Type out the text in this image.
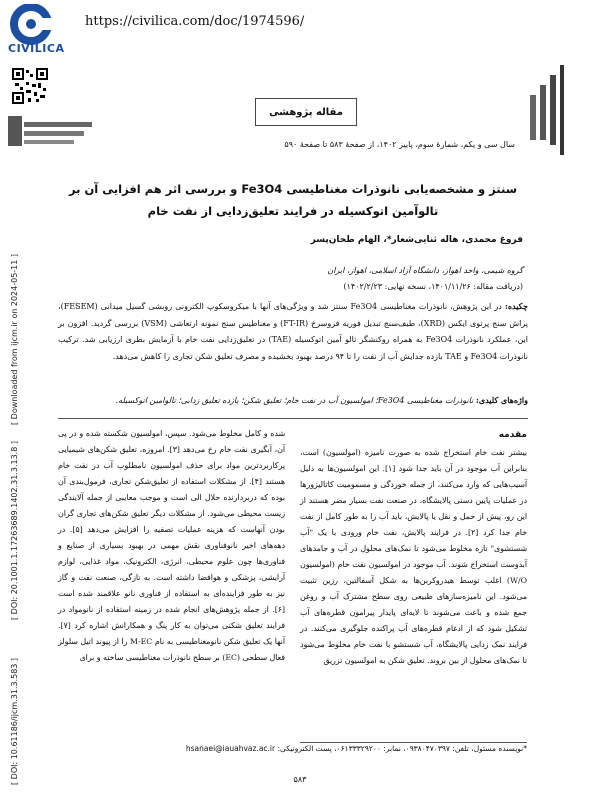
CIVILICA
https://civilica.com/doc/1974596/
مقاله پژوهشی
سال سی و یکم، شمارهٔ سوم، پاییز ۱۴۰۲، از صفحهٔ ۵۸۳ تا صفحهٔ ۵۹۰
سنتز و مشخصه‌یابی نانوذرات مغناطیسی Fe3O4 و بررسی اثر هم افزایی آن بر تالوآمین اتوکسیله در فرایند تعلیق‌زدایی از نفت خام
فروغ محمدی، هاله ثنایی‌شعار*، الهام طحان‌پسر
گروه شیمی، واحد اهواز، دانشگاه آزاد اسلامی، اهواز، ایران
(دریافت مقاله: ۱۴۰۱/۱۱/۲۶، نسخه نهایی: ۱۴۰۲/۲/۲۳)
چکیده: در این پژوهش، نانوذرات مغناطیسی Fe3O4 سنتز شد و ویژگی‌های آنها با میکروسکوپ الکترونی روبشی گسیل میدانی (FESEM)، پراش سنج پرتوی ایکس (XRD)، طیف‌سنج تبدیل فوریه فروسرخ (FT-IR) و مغناطیس سنج نمونه ارتعاشی (VSM) بررسی گردید. افزون بر این، عملکرد نانوذرات Fe3O4 به همراه روکنشگر تالو آمین اتوکسیله (TAE) در تعلیق‌زدایی نفت خام با آزمایش بطری ارزیابی شد. ترکیب نانوذرات Fe3O4 و TAE بازده جدایش آب از نفت را تا ۹۴ درصد بهبود بخشیده و مصرف تعلیق شکن تجاری را کاهش می‌دهد.
واژه‌های کلیدی: نانوذرات مغناطیسی Fe3O4؛ امولسیون آب در نفت خام؛ تعلیق شکن؛ بازده تعلیق زدایی؛ تالوامین اتوکسیله.
مقدمه
بیشتر نفت خام استخراج شده به صورت نامیزه (امولسیون) است، بنابراین آب موجود در آن باید جدا شود [۱]. این امولسیون‌ها به دلیل آسیب‌هایی که وارد می‌کنند، از جمله خوردگی و مسمومیت کاتالیزورها در عملیات پایین دستی پالایشگاه، در صنعت نفت بسیار مضر هستند از این رو، پیش از حمل و نقل یا پالایش، باید آب را به طور کامل از نفت خام جدا کرد [۲]. در فرایند پالایش، نفت خام ورودی با یک "آب شستشوی" تازه مخلوط می‌شود تا نمک‌های محلول در آب و جامدهای آبدوست استخراج شوند. آب موجود در امولسیون نفت خام (امولسیون W/O) اغلب توسط هیدروکربن‌ها به شکل آسفالتین، رزین تثبیت می‌شود. این نامیزه‌سازهای طبیعی روی سطح مشترک آب و روغن جمع شده و باعث می‌شوند تا لایه‌ای پایدار پیرامون قطره‌های آب تشکیل شود که از ادغام قطره‌های آب پراکنده جلوگیری می‌کنند. در فرایند نمک زدایی پالایشگاه، آب شستشو با نفت خام مخلوط می‌شود تا نمک‌های محلول از بین بروند. تعلیق شکن به امولسیون تزریق
شده و کامل مخلوط می‌شود. سپس، امولسیون شکسته شده و در پی آن، آبگیری نفت خام رخ می‌دهد [۳]. امروزه، تعلیق شکن‌های شیمیایی پرکاربردترین مواد برای حذف امولسیون نامطلوب آب در نفت خام هستند [۴]. از مشکلات استفاده از تعلیق‌شکن تجاری، فرمول‌بندی آن بوده که دربردارنده حلال الی است و موجب معایبی از جمله آلایندگی زیست محیطی می‌شود. از مشکلات دیگر تعلیق شکن‌های تجاری گران بودن آنهاست که هزینه عملیات تصفیه را افزایش می‌دهد [۵]. در دهه‌های اخیر نانوفناوری نقش مهمی در بهبود بسیاری از صنایع و فناوری‌ها چون علوم محیطی، انرژی، الکترونیک، مواد غذایی، لوازم آرایشی، پزشکی و هوافضا داشته است. به تازگی، صنعت نفت و گاز نیز به طور فزاینده‌ای به استفاده از فناوری نانو علاقمند شده است [۶]. از جمله پژوهش‌های انجام شده در زمینه استفاده از نانومواد در فرایند تعلیق شکنی می‌توان به کار پنگ و همکارانش اشاره کرد [۷]. آنها یک تعلیق شکن نانومغناطیسی به نام M-EC را از پیوند اتیل سلولز فعال سطحی (EC) بر سطح نانوذرات مغناطیسی ساخته و برای
*نویسنده مسئول، تلفن: ۰۹۳۸۰۴۷۰۳۹۷، نمابر: ۰۶۱۳۳۳۲۹۲۰۰، پست الکترونیکی: hsanaei@iauahvaz.ac.ir
۵۸۳
[ Downloaded from ijcm.ir on 2024-05-11 ]
[ DOI: 20.1001.1.17263689.1402.31.3.13.8 ]
[ DOI: 10.61186/ijcm.31.3.583 ]
